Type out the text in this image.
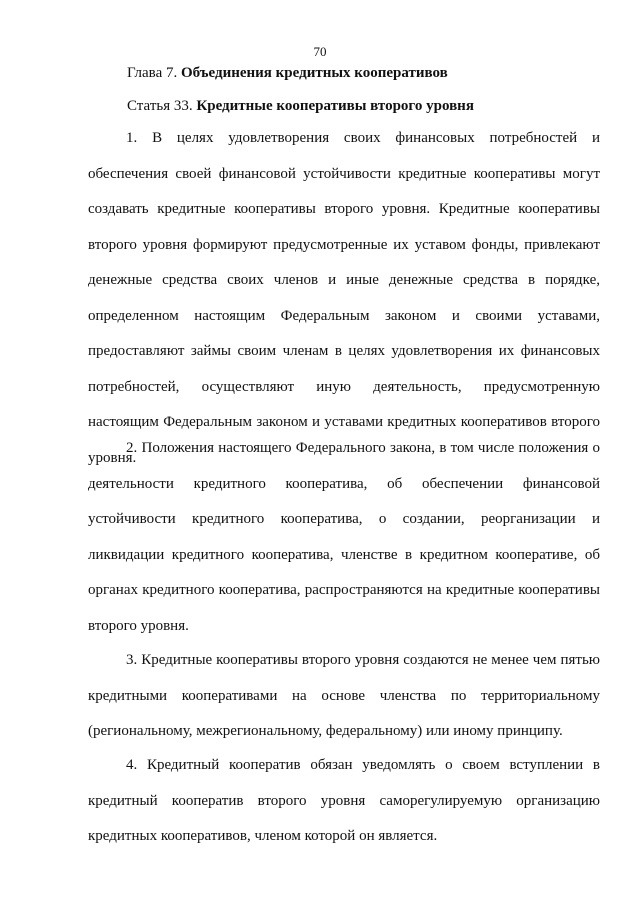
70
Глава 7. Объединения кредитных кооперативов
Статья 33. Кредитные кооперативы второго уровня

1. В целях удовлетворения своих финансовых потребностей и обеспечения своей финансовой устойчивости кредитные кооперативы могут создавать кредитные кооперативы второго уровня. Кредитные кооперативы второго уровня формируют предусмотренные их уставом фонды, привлекают денежные средства своих членов и иные денежные средства в порядке, определенном настоящим Федеральным законом и своими уставами, предоставляют займы своим членам в целях удовлетворения их финансовых потребностей, осуществляют иную деятельность, предусмотренную настоящим Федеральным законом и уставами кредитных кооперативов второго уровня.

2. Положения настоящего Федерального закона, в том числе положения о деятельности кредитного кооператива, об обеспечении финансовой устойчивости кредитного кооператива, о создании, реорганизации и ликвидации кредитного кооператива, членстве в кредитном кооперативе, об органах кредитного кооператива, распространяются на кредитные кооперативы второго уровня.

3. Кредитные кооперативы второго уровня создаются не менее чем пятью кредитными кооперативами на основе членства по территориальному (региональному, межрегиональному, федеральному) или иному принципу.

4. Кредитный кооператив обязан уведомлять о своем вступлении в кредитный кооператив второго уровня саморегулируемую организацию кредитных кооперативов, членом которой он является.
